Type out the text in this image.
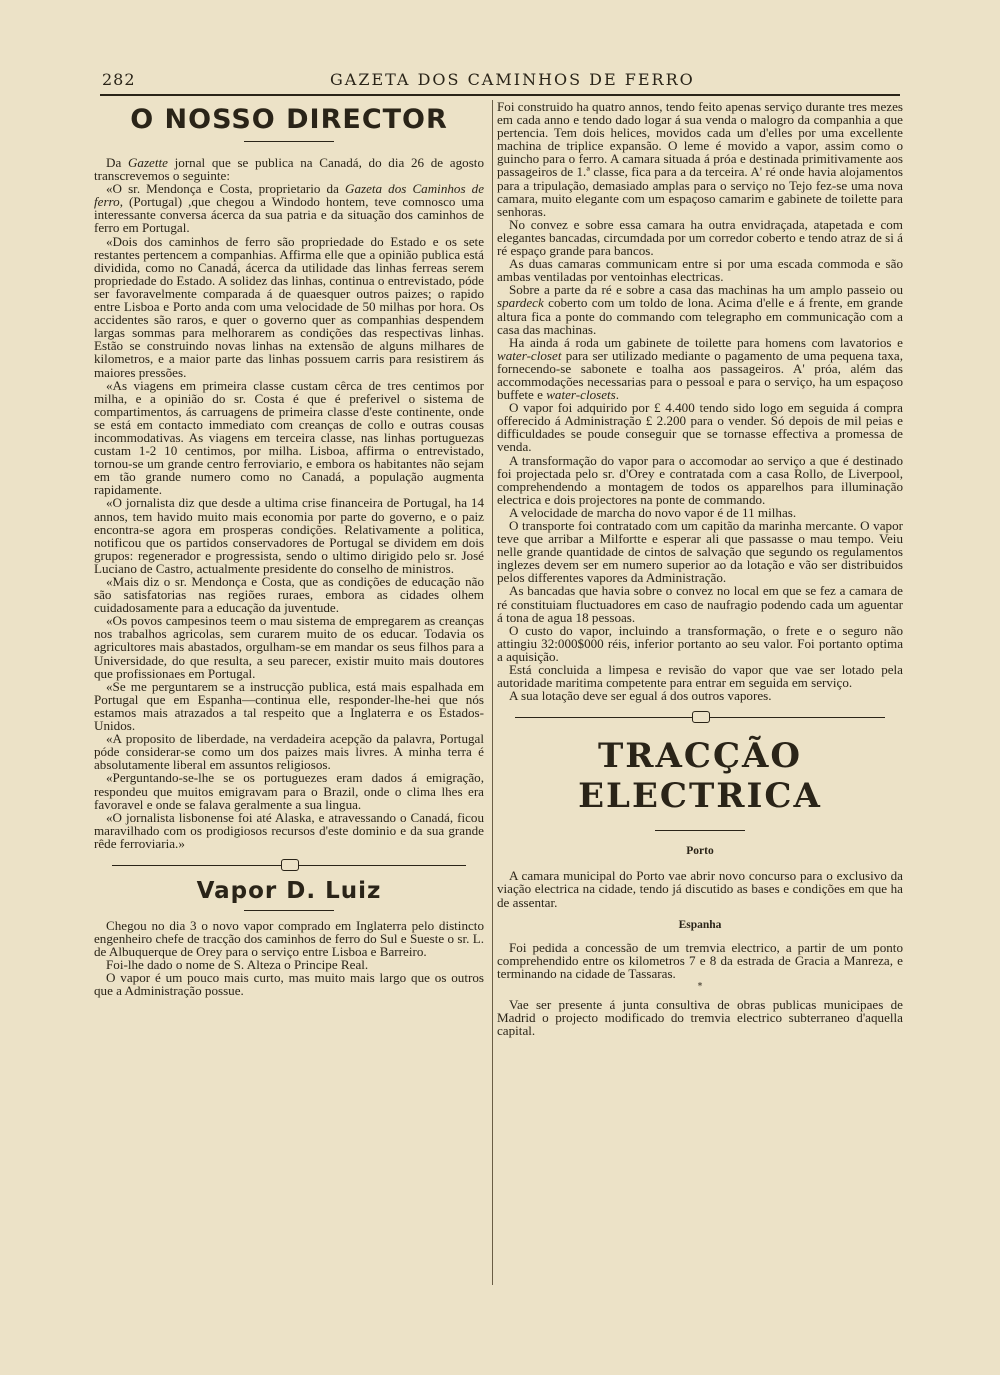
282	GAZETA DOS CAMINHOS DE FERRO
O NOSSO DIRECTOR

Da Gazette jornal que se publica na Canadá, do dia 26 de agosto transcrevemos o seguinte:

«O sr. Mendonça e Costa, proprietario da Gazeta dos Caminhos de ferro, (Portugal) ,que chegou a Windodo hontem, teve comnosco uma interessante conversa ácerca da sua patria e da situação dos caminhos de ferro em Portugal.

«Dois dos caminhos de ferro são propriedade do Estado e os sete restantes pertencem a companhias. Affirma elle que a opinião publica está dividida, como no Canadá, ácerca da utilidade das linhas ferreas serem propriedade do Estado. A solidez das linhas, continua o entrevistado, póde ser favoravelmente comparada á de quaesquer outros paizes; o rapido entre Lisboa e Porto anda com uma velocidade de 50 milhas por hora. Os accidentes são raros, e quer o governo quer as companhias despendem largas sommas para melhorarem as condições das respectivas linhas. Estão se construindo novas linhas na extensão de alguns milhares de kilometros, e a maior parte das linhas possuem carris para resistirem ás maiores pressões.

«As viagens em primeira classe custam cêrca de tres centimos por milha, e a opinião do sr. Costa é que é preferivel o sistema de compartimentos, ás carruagens de primeira classe d'este continente, onde se está em contacto immediato com creanças de collo e outras cousas incommodativas. As viagens em terceira classe, nas linhas portuguezas custam 1-2 10 centimos, por milha. Lisboa, affirma o entrevistado, tornou-se um grande centro ferroviario, e embora os habitantes não sejam em tão grande numero como no Canadá, a população augmenta rapidamente.

«O jornalista diz que desde a ultima crise financeira de Portugal, ha 14 annos, tem havido muito mais economia por parte do governo, e o paiz encontra-se agora em prosperas condições. Relativamente a politica, notificou que os partidos conservadores de Portugal se dividem em dois grupos: regenerador e progressista, sendo o ultimo dirigido pelo sr. José Luciano de Castro, actualmente presidente do conselho de ministros.

«Mais diz o sr. Mendonça e Costa, que as condições de educação não são satisfatorias nas regiões ruraes, embora as cidades olhem cuidadosamente para a educação da juventude.

«Os povos campesinos teem o mau sistema de empregarem as creanças nos trabalhos agricolas, sem curarem muito de os educar. Todavia os agricultores mais abastados, orgulham-se em mandar os seus filhos para a Universidade, do que resulta, a seu parecer, existir muito mais doutores que profissionaes em Portugal.

«Se me perguntarem se a instrucção publica, está mais espalhada em Portugal que em Espanha—continua elle, responder-lhe-hei que nós estamos mais atrazados a tal respeito que a Inglaterra e os Estados-Unidos.

«A proposito de liberdade, na verdadeira acepção da palavra, Portugal póde considerar-se como um dos paizes mais livres. A minha terra é absolutamente liberal em assuntos religiosos.

«Perguntando-se-lhe se os portuguezes eram dados á emigração, respondeu que muitos emigravam para o Brazil, onde o clima lhes era favoravel e onde se falava geralmente a sua lingua.

«O jornalista lisbonense foi até Alaska, e atravessando o Canadá, ficou maravilhado com os prodigiosos recursos d'este dominio e da sua grande rêde ferroviaria.»

Vapor D. Luiz

Chegou no dia 3 o novo vapor comprado em Inglaterra pelo distincto engenheiro chefe de tracção dos caminhos de ferro do Sul e Sueste o sr. L. de Albuquerque de Orey para o serviço entre Lisboa e Barreiro.

Foi-lhe dado o nome de S. Alteza o Principe Real.

O vapor é um pouco mais curto, mas muito mais largo que os outros que a Administração possue.

Foi construido ha quatro annos, tendo feito apenas serviço durante tres mezes em cada anno e tendo dado logar á sua venda o malogro da companhia a que pertencia. Tem dois helices, movidos cada um d'elles por uma excellente machina de triplice expansão. O leme é movido a vapor, assim como o guincho para o ferro. A camara situada á próa e destinada primitivamente aos passageiros de 1.ª classe, fica para a da terceira. A' ré onde havia alojamentos para a tripulação, demasiado amplas para o serviço no Tejo fez-se uma nova camara, muito elegante com um espaçoso camarim e gabinete de toilette para senhoras.

No convez e sobre essa camara ha outra envidraçada, atapetada e com elegantes bancadas, circumdada por um corredor coberto e tendo atraz de si á ré espaço grande para bancos.

As duas camaras communicam entre si por uma escada commoda e são ambas ventiladas por ventoinhas electricas.

Sobre a parte da ré e sobre a casa das machinas ha um amplo passeio ou spardeck coberto com um toldo de lona. Acima d'elle e á frente, em grande altura fica a ponte do commando com telegrapho em communicação com a casa das machinas.

Ha ainda á roda um gabinete de toilette para homens com lavatorios e water-closet para ser utilizado mediante o pagamento de uma pequena taxa, fornecendo-se sabonete e toalha aos passageiros. A' próa, além das accommodações necessarias para o pessoal e para o serviço, ha um espaçoso buffete e water-closets.

O vapor foi adquirido por £ 4.400 tendo sido logo em seguida á compra offerecido á Administração £ 2.200 para o vender. Só depois de mil peias e difficuldades se poude conseguir que se tornasse effectiva a promessa de venda.

A transformação do vapor para o accomodar ao serviço a que é destinado foi projectada pelo sr. d'Orey e contratada com a casa Rollo, de Liverpool, comprehendendo a montagem de todos os apparelhos para illuminação electrica e dois projectores na ponte de commando.

A velocidade de marcha do novo vapor é de 11 milhas.

O transporte foi contratado com um capitão da marinha mercante. O vapor teve que arribar a Milfortte e esperar ali que passasse o mau tempo. Veiu nelle grande quantidade de cintos de salvação que segundo os regulamentos inglezes devem ser em numero superior ao da lotação e vão ser distribuidos pelos differentes vapores da Administração.

As bancadas que havia sobre o convez no local em que se fez a camara de ré constituiam fluctuadores em caso de naufragio podendo cada um aguentar á tona de agua 18 pessoas.

O custo do vapor, incluindo a transformação, o frete e o seguro não attingiu 32:000$000 réis, inferior portanto ao seu valor. Foi portanto optima a aquisição.

Está concluida a limpesa e revisão do vapor que vae ser lotado pela autoridade maritima competente para entrar em seguida em serviço.

A sua lotação deve ser egual á dos outros vapores.

TRACÇÃO ELECTRICA
Porto

A camara municipal do Porto vae abrir novo concurso para o exclusivo da viação electrica na cidade, tendo já discutido as bases e condições em que ha de assentar.

Espanha

Foi pedida a concessão de um tremvia electrico, a partir de um ponto comprehendido entre os kilometros 7 e 8 da estrada de Gracia a Manreza, e terminando na cidade de Tassaras.

*

Vae ser presente á junta consultiva de obras publicas municipaes de Madrid o projecto modificado do tremvia electrico subterraneo d'aquella capital.
